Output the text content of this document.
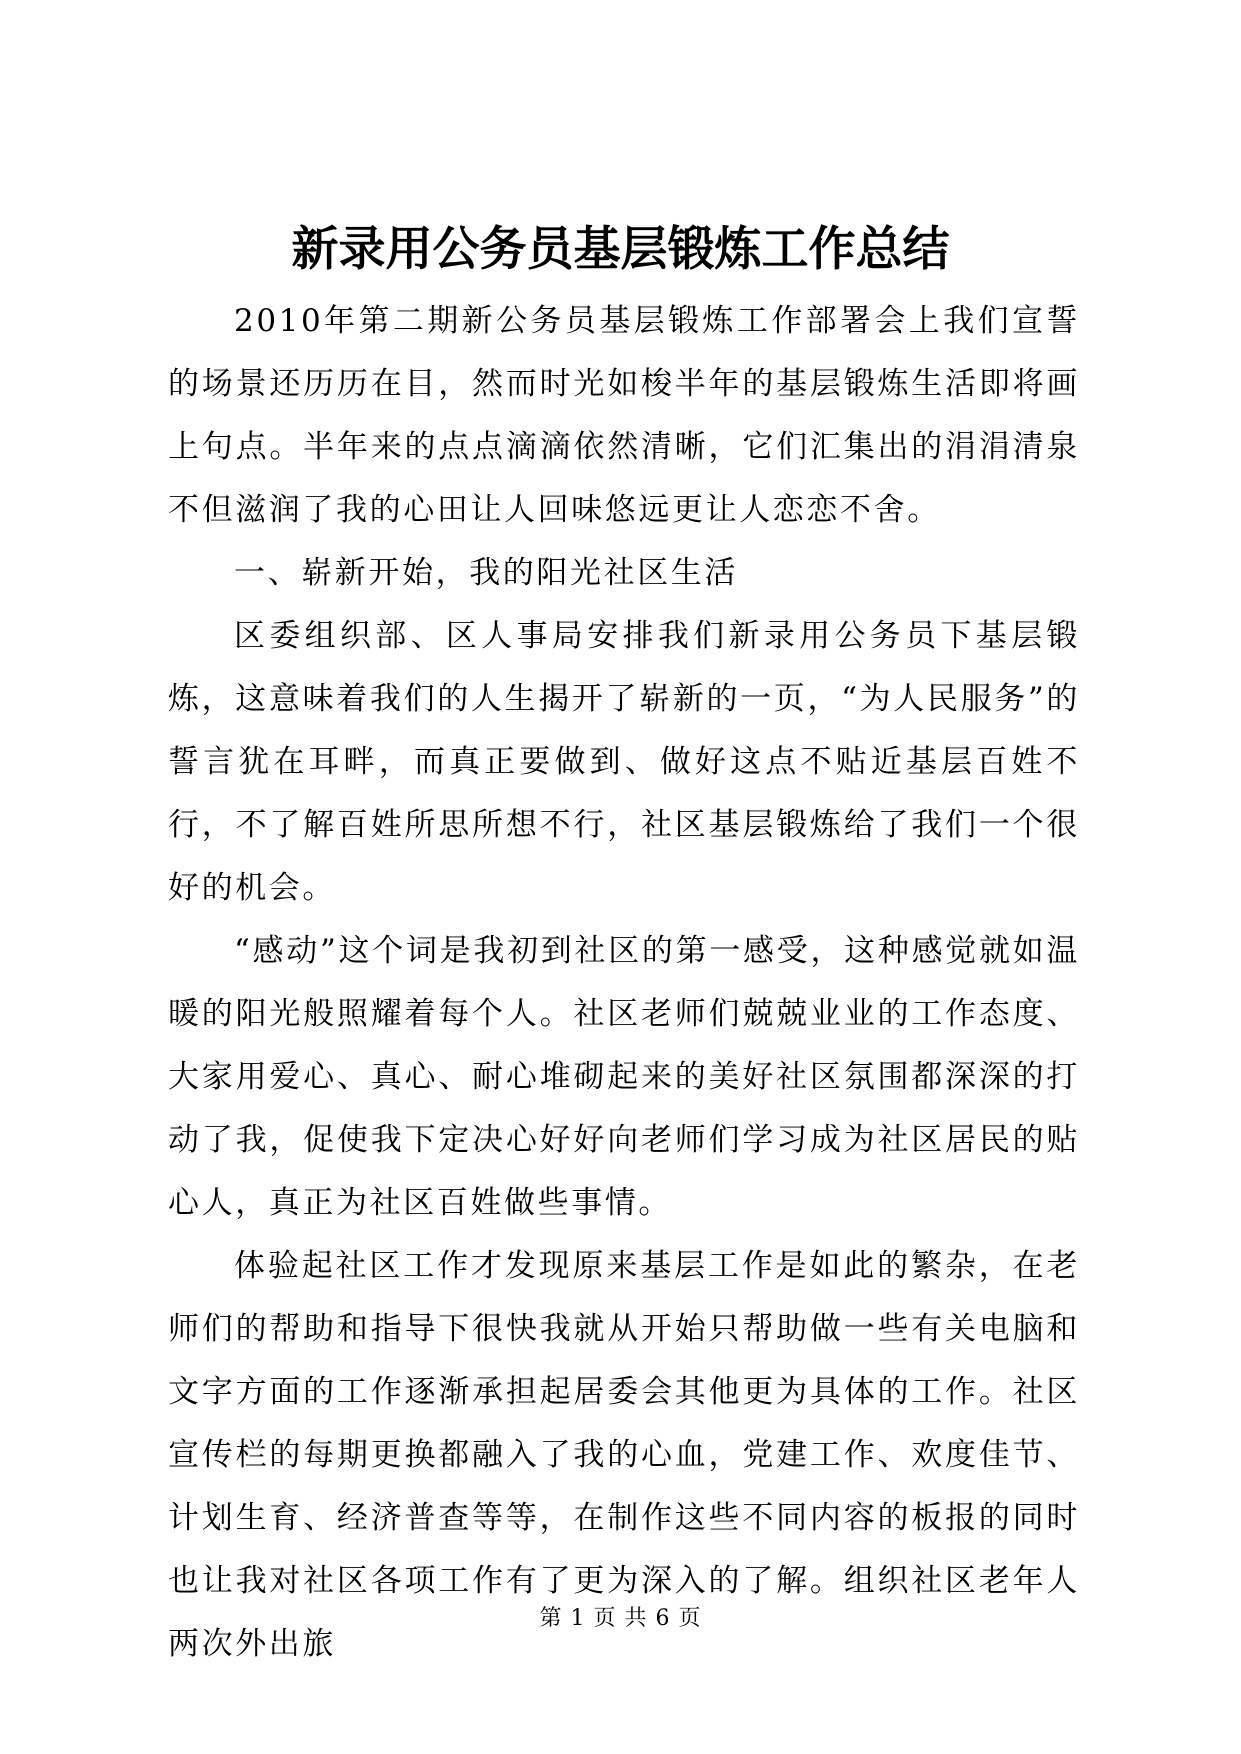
新录用公务员基层锻炼工作总结

2010年第二期新公务员基层锻炼工作部署会上我们宣誓的场景还历历在目，然而时光如梭半年的基层锻炼生活即将画上句点。半年来的点点滴滴依然清晰，它们汇集出的涓涓清泉不但滋润了我的心田让人回味悠远更让人恋恋不舍。

一、崭新开始，我的阳光社区生活

区委组织部、区人事局安排我们新录用公务员下基层锻炼，这意味着我们的人生揭开了崭新的一页，“为人民服务”的誓言犹在耳畔，而真正要做到、做好这点不贴近基层百姓不行，不了解百姓所思所想不行，社区基层锻炼给了我们一个很好的机会。

“感动”这个词是我初到社区的第一感受，这种感觉就如温暖的阳光般照耀着每个人。社区老师们兢兢业业的工作态度、大家用爱心、真心、耐心堆砌起来的美好社区氛围都深深的打动了我，促使我下定决心好好向老师们学习成为社区居民的贴心人，真正为社区百姓做些事情。

体验起社区工作才发现原来基层工作是如此的繁杂，在老师们的帮助和指导下很快我就从开始只帮助做一些有关电脑和文字方面的工作逐渐承担起居委会其他更为具体的工作。社区宣传栏的每期更换都融入了我的心血，党建工作、欢度佳节、计划生育、经济普查等等，在制作这些不同内容的板报的同时也让我对社区各项工作有了更为深入的了解。组织社区老年人两次外出旅

第 1 页 共 6 页
